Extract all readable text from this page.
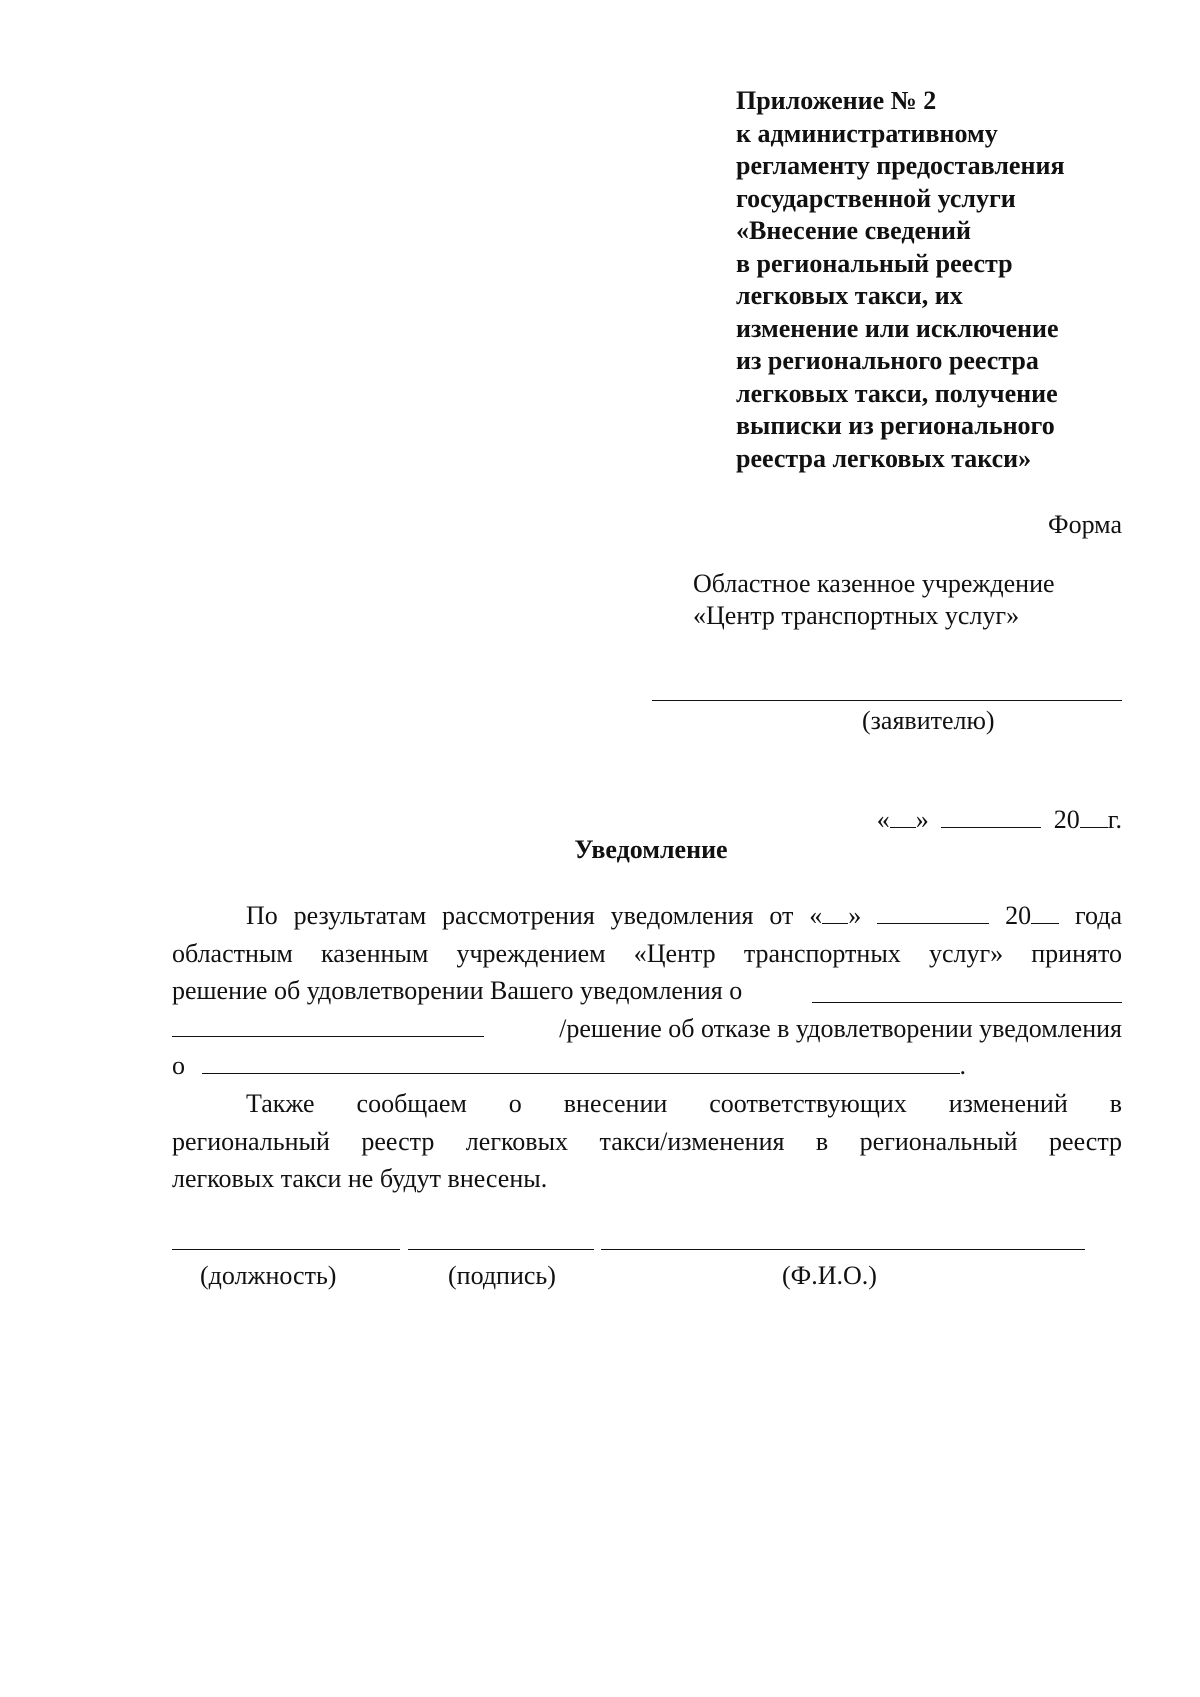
Приложение № 2
к административному
регламенту предоставления
государственной услуги
«Внесение сведений
в региональный реестр
легковых такси, их
изменение или исключение
из регионального реестра
легковых такси, получение
выписки из регионального
реестра легковых такси»
Форма
Областное казенное учреждение
«Центр транспортных услуг»
(заявителю)
« »	20 г.
Уведомление
По результатам рассмотрения уведомления от « »	20 года
областным казенным учреждением «Центр транспортных услуг» принято
решение об удовлетворении Вашего уведомления о
/решение об отказе в удовлетворении уведомления
о	.
Также сообщаем о внесении соответствующих изменений в
региональный реестр легковых такси/изменения в региональный реестр
легковых такси не будут внесены.
(должность)	(подпись)	(Ф.И.О.)
